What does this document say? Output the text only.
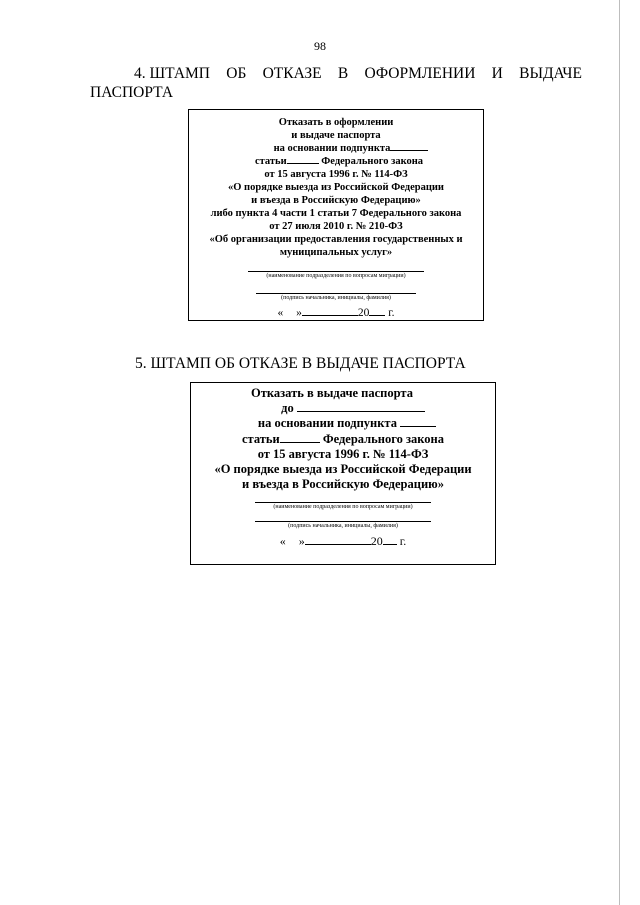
98
4. ШТАМП ОБ ОТКАЗЕ В ОФОРМЛЕНИИ И ВЫДАЧЕ
ПАСПОРТА
Отказать в оформлении
и выдаче паспорта
на основании подпункта
статьи	Федерального закона
от 15 августа 1996 г. № 114-ФЗ
«О порядке выезда из Российской Федерации
и въезда в Российскую Федерацию»
либо пункта 4 части 1 статьи 7 Федерального закона
от 27 июля 2010 г. № 210-ФЗ
«Об организации предоставления государственных и
муниципальных услуг»
(наименование подразделения по вопросам миграции)
(подпись начальника, инициалы, фамилия)
« »	20 г.
5. ШТАМП ОБ ОТКАЗЕ В ВЫДАЧЕ ПАСПОРТА
Отказать в выдаче паспорта
до
на основании подпункта
статьи	Федерального закона
от 15 августа 1996 г. № 114-ФЗ
«О порядке выезда из Российской Федерации
и въезда в Российскую Федерацию»
(наименование подразделения по вопросам миграции)
(подпись начальника, инициалы, фамилия)
« »	20 г.
